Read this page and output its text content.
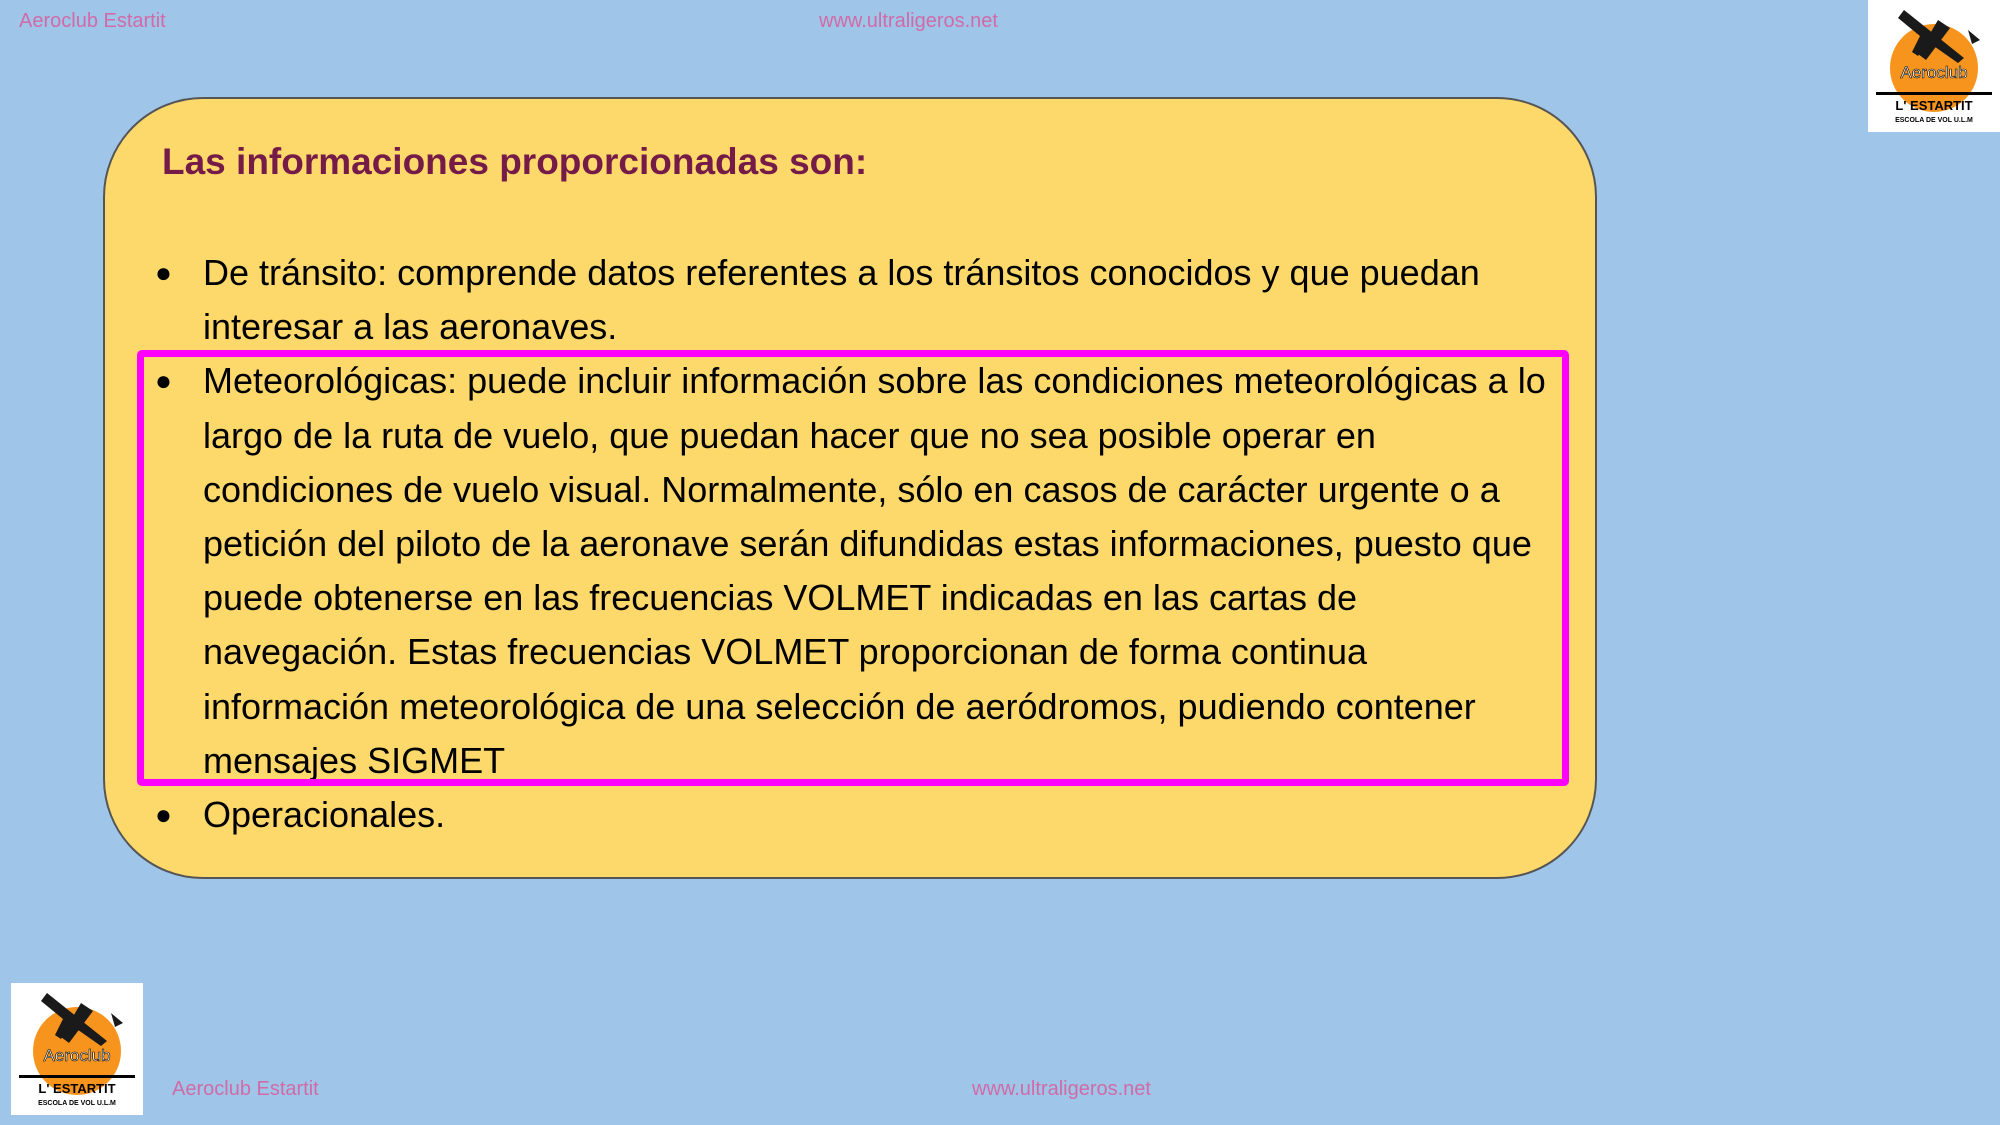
Aeroclub Estartit	www.ultraligeros.net
Aeroclub
L' ESTARTIT
ESCOLA DE VOL U.L.M
Las informaciones proporcionadas son:
● De tránsito: comprende datos referentes a los tránsitos conocidos y que puedan interesar a las aeronaves.
● Meteorológicas: puede incluir información sobre las condiciones meteorológicas a lo largo de la ruta de vuelo, que puedan hacer que no sea posible operar en condiciones de vuelo visual. Normalmente, sólo en casos de carácter urgente o a petición del piloto de la aeronave serán difundidas estas informaciones, puesto que puede obtenerse en las frecuencias VOLMET indicadas en las cartas de navegación. Estas frecuencias VOLMET proporcionan de forma continua información meteorológica de una selección de aeródromos, pudiendo contener mensajes SIGMET
● Operacionales.
Aeroclub
L' ESTARTIT
ESCOLA DE VOL U.L.M
Aeroclub Estartit	www.ultraligeros.net
